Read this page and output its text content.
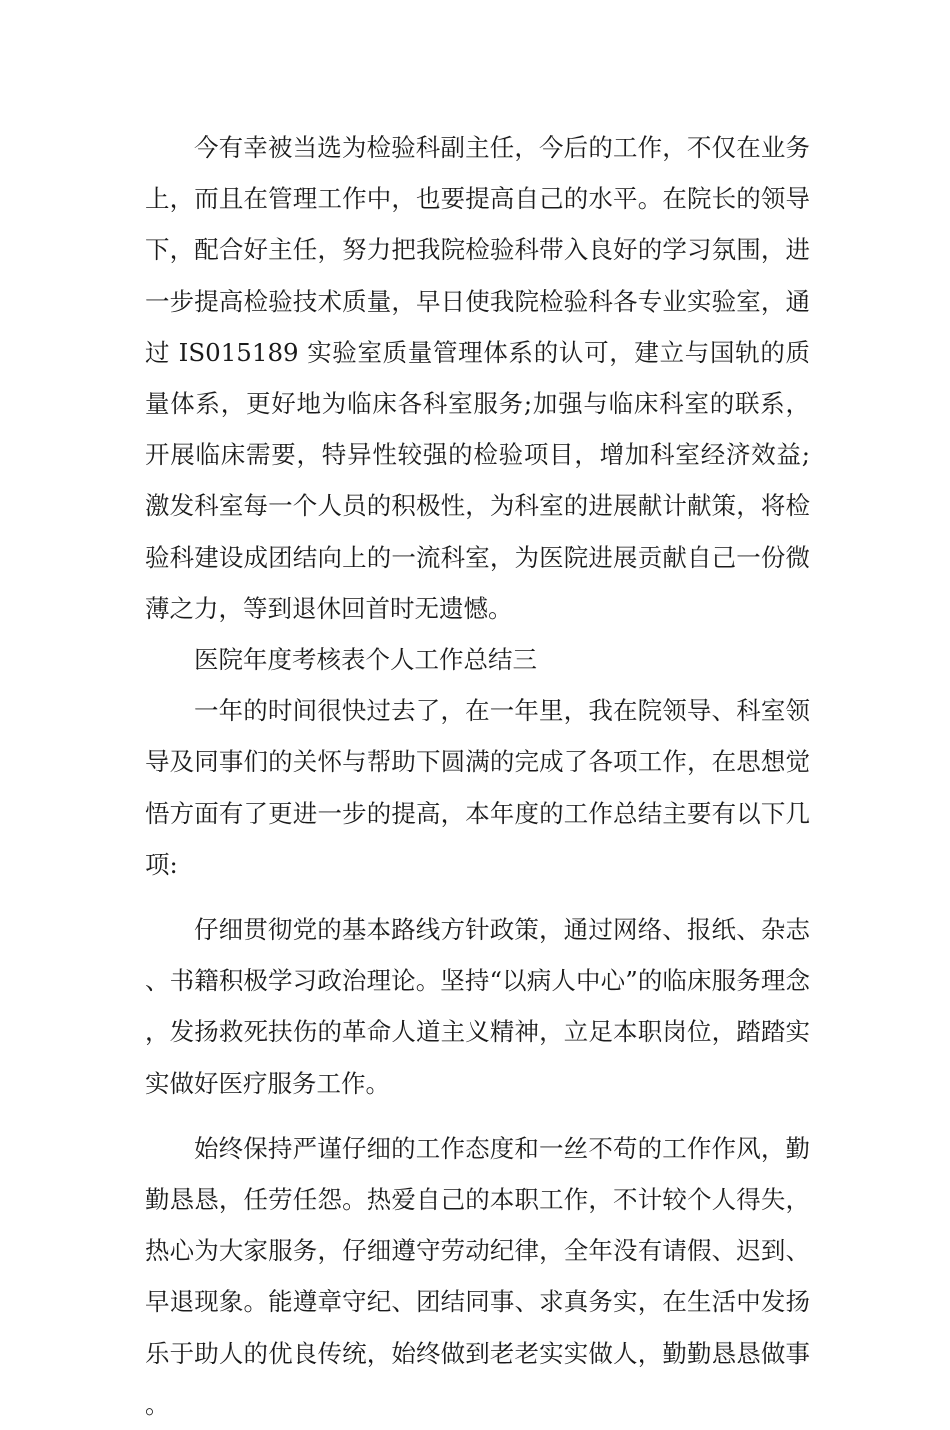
今有幸被当选为检验科副主任，今后的工作，不仅在业务上，而且在管理工作中，也要提高自己的水平。在院长的领导下，配合好主任，努力把我院检验科带入良好的学习氛围，进一步提高检验技术质量，早日使我院检验科各专业实验室，通过 IS015189 实验室质量管理体系的认可，建立与国轨的质量体系，更好地为临床各科室服务;加强与临床科室的联系，开展临床需要，特异性较强的检验项目，增加科室经济效益;激发科室每一个人员的积极性，为科室的进展献计献策，将检验科建设成团结向上的一流科室，为医院进展贡献自己一份微薄之力，等到退休回首时无遗憾。

医院年度考核表个人工作总结三

一年的时间很快过去了，在一年里，我在院领导、科室领导及同事们的关怀与帮助下圆满的完成了各项工作，在思想觉悟方面有了更进一步的提高，本年度的工作总结主要有以下几项:

仔细贯彻党的基本路线方针政策，通过网络、报纸、杂志、书籍积极学习政治理论。坚持“以病人中心”的临床服务理念，发扬救死扶伤的革命人道主义精神，立足本职岗位，踏踏实实做好医疗服务工作。

始终保持严谨仔细的工作态度和一丝不苟的工作作风，勤勤恳恳，任劳任怨。热爱自己的本职工作，不计较个人得失，热心为大家服务，仔细遵守劳动纪律，全年没有请假、迟到、早退现象。能遵章守纪、团结同事、求真务实，在生活中发扬乐于助人的优良传统，始终做到老老实实做人，勤勤恳恳做事。
